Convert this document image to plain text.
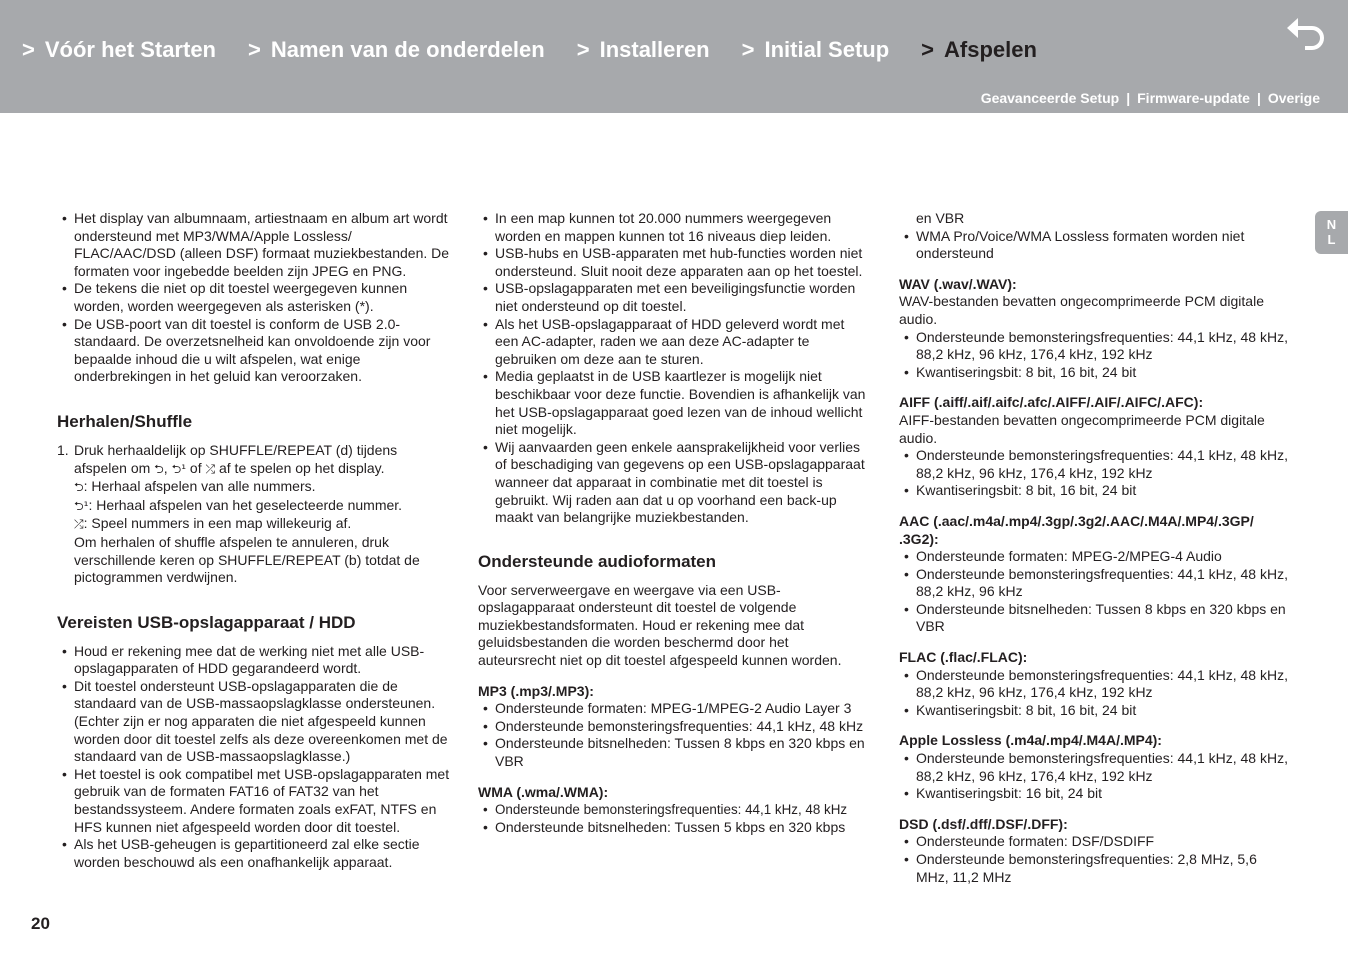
> Vóór het Starten > Namen van de onderdelen > Installeren > Initial Setup > Afspelen
Geavanceerde Setup | Firmware-update | Overige
N
L
• Het display van albumnaam, artiestnaam en album art wordt ondersteund met MP3/WMA/Apple Lossless/ FLAC/AAC/DSD (alleen DSF) formaat muziekbestanden. De formaten voor ingebedde beelden zijn JPEG en PNG.
• De tekens die niet op dit toestel weergegeven kunnen worden, worden weergegeven als asterisken (*).
• De USB-poort van dit toestel is conform de USB 2.0-standaard. De overzetsnelheid kan onvoldoende zijn voor bepaalde inhoud die u wilt afspelen, wat enige onderbrekingen in het geluid kan veroorzaken.
Herhalen/Shuffle
1. Druk herhaaldelijk op SHUFFLE/REPEAT (d) tijdens afspelen om ⮌, ⮌¹ of ⤮ af te spelen op het display.
⮌: Herhaal afspelen van alle nummers.
⮌¹: Herhaal afspelen van het geselecteerde nummer.
⤮: Speel nummers in een map willekeurig af.
Om herhalen of shuffle afspelen te annuleren, druk verschillende keren op SHUFFLE/REPEAT (b) totdat de pictogrammen verdwijnen.
Vereisten USB-opslagapparaat / HDD
• Houd er rekening mee dat de werking niet met alle USB-opslagapparaten of HDD gegarandeerd wordt.
• Dit toestel ondersteunt USB-opslagapparaten die de standaard van de USB-massaopslagklasse ondersteunen. (Echter zijn er nog apparaten die niet afgespeeld kunnen worden door dit toestel zelfs als deze overeenkomen met de standaard van de USB-massaopslagklasse.)
• Het toestel is ook compatibel met USB-opslagapparaten met gebruik van de formaten FAT16 of FAT32 van het bestandssysteem. Andere formaten zoals exFAT, NTFS en HFS kunnen niet afgespeeld worden door dit toestel.
• Als het USB-geheugen is gepartitioneerd zal elke sectie worden beschouwd als een onafhankelijk apparaat.
• In een map kunnen tot 20.000 nummers weergegeven worden en mappen kunnen tot 16 niveaus diep leiden.
• USB-hubs en USB-apparaten met hub-functies worden niet ondersteund. Sluit nooit deze apparaten aan op het toestel.
• USB-opslagapparaten met een beveiligingsfunctie worden niet ondersteund op dit toestel.
• Als het USB-opslagapparaat of HDD geleverd wordt met een AC-adapter, raden we aan deze AC-adapter te gebruiken om deze aan te sturen.
• Media geplaatst in de USB kaartlezer is mogelijk niet beschikbaar voor deze functie. Bovendien is afhankelijk van het USB-opslagapparaat goed lezen van de inhoud wellicht niet mogelijk.
• Wij aanvaarden geen enkele aansprakelijkheid voor verlies of beschadiging van gegevens op een USB-opslagapparaat wanneer dat apparaat in combinatie met dit toestel is gebruikt. Wij raden aan dat u op voorhand een back-up maakt van belangrijke muziekbestanden.
Ondersteunde audioformaten

Voor serverweergave en weergave via een USB-opslagapparaat ondersteunt dit toestel de volgende muziekbestandsformaten. Houd er rekening mee dat geluidsbestanden die worden beschermd door het auteursrecht niet op dit toestel afgespeeld kunnen worden.

MP3 (.mp3/.MP3):
• Ondersteunde formaten: MPEG-1/MPEG-2 Audio Layer 3
• Ondersteunde bemonsteringsfrequenties: 44,1 kHz, 48 kHz
• Ondersteunde bitsnelheden: Tussen 8 kbps en 320 kbps en VBR
WMA (.wma/.WMA):
• Ondersteunde bemonsteringsfrequenties: 44,1 kHz, 48 kHz
• Ondersteunde bitsnelheden: Tussen 5 kbps en 320 kbps
en VBR
• WMA Pro/Voice/WMA Lossless formaten worden niet ondersteund
WAV (.wav/.WAV):

WAV-bestanden bevatten ongecomprimeerde PCM digitale audio.

• Ondersteunde bemonsteringsfrequenties: 44,1 kHz, 48 kHz, 88,2 kHz, 96 kHz, 176,4 kHz, 192 kHz
• Kwantiseringsbit: 8 bit, 16 bit, 24 bit
AIFF (.aiff/.aif/.aifc/.afc/.AIFF/.AIF/.AIFC/.AFC):

AIFF-bestanden bevatten ongecomprimeerde PCM digitale audio.

• Ondersteunde bemonsteringsfrequenties: 44,1 kHz, 48 kHz, 88,2 kHz, 96 kHz, 176,4 kHz, 192 kHz
• Kwantiseringsbit: 8 bit, 16 bit, 24 bit
AAC (.aac/.m4a/.mp4/.3gp/.3g2/.AAC/.M4A/.MP4/.3GP/ .3G2):
• Ondersteunde formaten: MPEG-2/MPEG-4 Audio
• Ondersteunde bemonsteringsfrequenties: 44,1 kHz, 48 kHz, 88,2 kHz, 96 kHz
• Ondersteunde bitsnelheden: Tussen 8 kbps en 320 kbps en VBR
FLAC (.flac/.FLAC):
• Ondersteunde bemonsteringsfrequenties: 44,1 kHz, 48 kHz, 88,2 kHz, 96 kHz, 176,4 kHz, 192 kHz
• Kwantiseringsbit: 8 bit, 16 bit, 24 bit
Apple Lossless (.m4a/.mp4/.M4A/.MP4):
• Ondersteunde bemonsteringsfrequenties: 44,1 kHz, 48 kHz, 88,2 kHz, 96 kHz, 176,4 kHz, 192 kHz
• Kwantiseringsbit: 16 bit, 24 bit
DSD (.dsf/.dff/.DSF/.DFF):
• Ondersteunde formaten: DSF/DSDIFF
• Ondersteunde bemonsteringsfrequenties: 2,8 MHz, 5,6 MHz, 11,2 MHz
20
